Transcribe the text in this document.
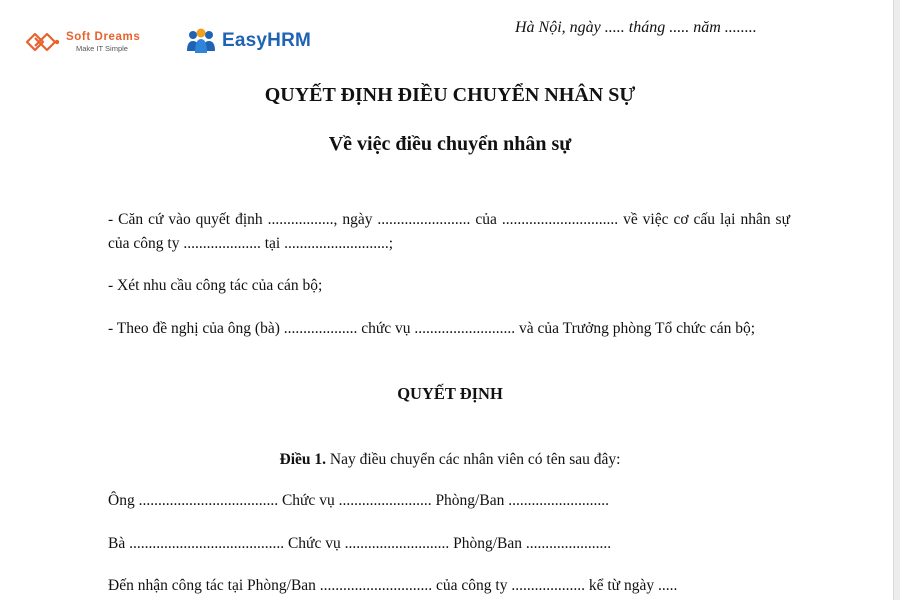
Soft Dreams
Make IT Simple	EasyHRM
Hà Nội, ngày ..... tháng ..... năm ........
QUYẾT ĐỊNH ĐIỀU CHUYỂN NHÂN SỰ
Về việc điều chuyển nhân sự

- Căn cứ vào quyết định ................., ngày ........................ của .............................. về việc cơ cấu lại nhân sự của công ty .................... tại ...........................;

- Xét nhu cầu công tác của cán bộ;

- Theo đề nghị của ông (bà) ................... chức vụ .......................... và của Trưởng phòng Tổ chức cán bộ;

QUYẾT ĐỊNH
Điều 1. Nay điều chuyển các nhân viên có tên sau đây:

Ông .................................... Chức vụ ........................ Phòng/Ban ..........................

Bà ........................................ Chức vụ ........................... Phòng/Ban ......................

Đến nhận công tác tại Phòng/Ban ............................. của công ty ................... kể từ ngày .....
